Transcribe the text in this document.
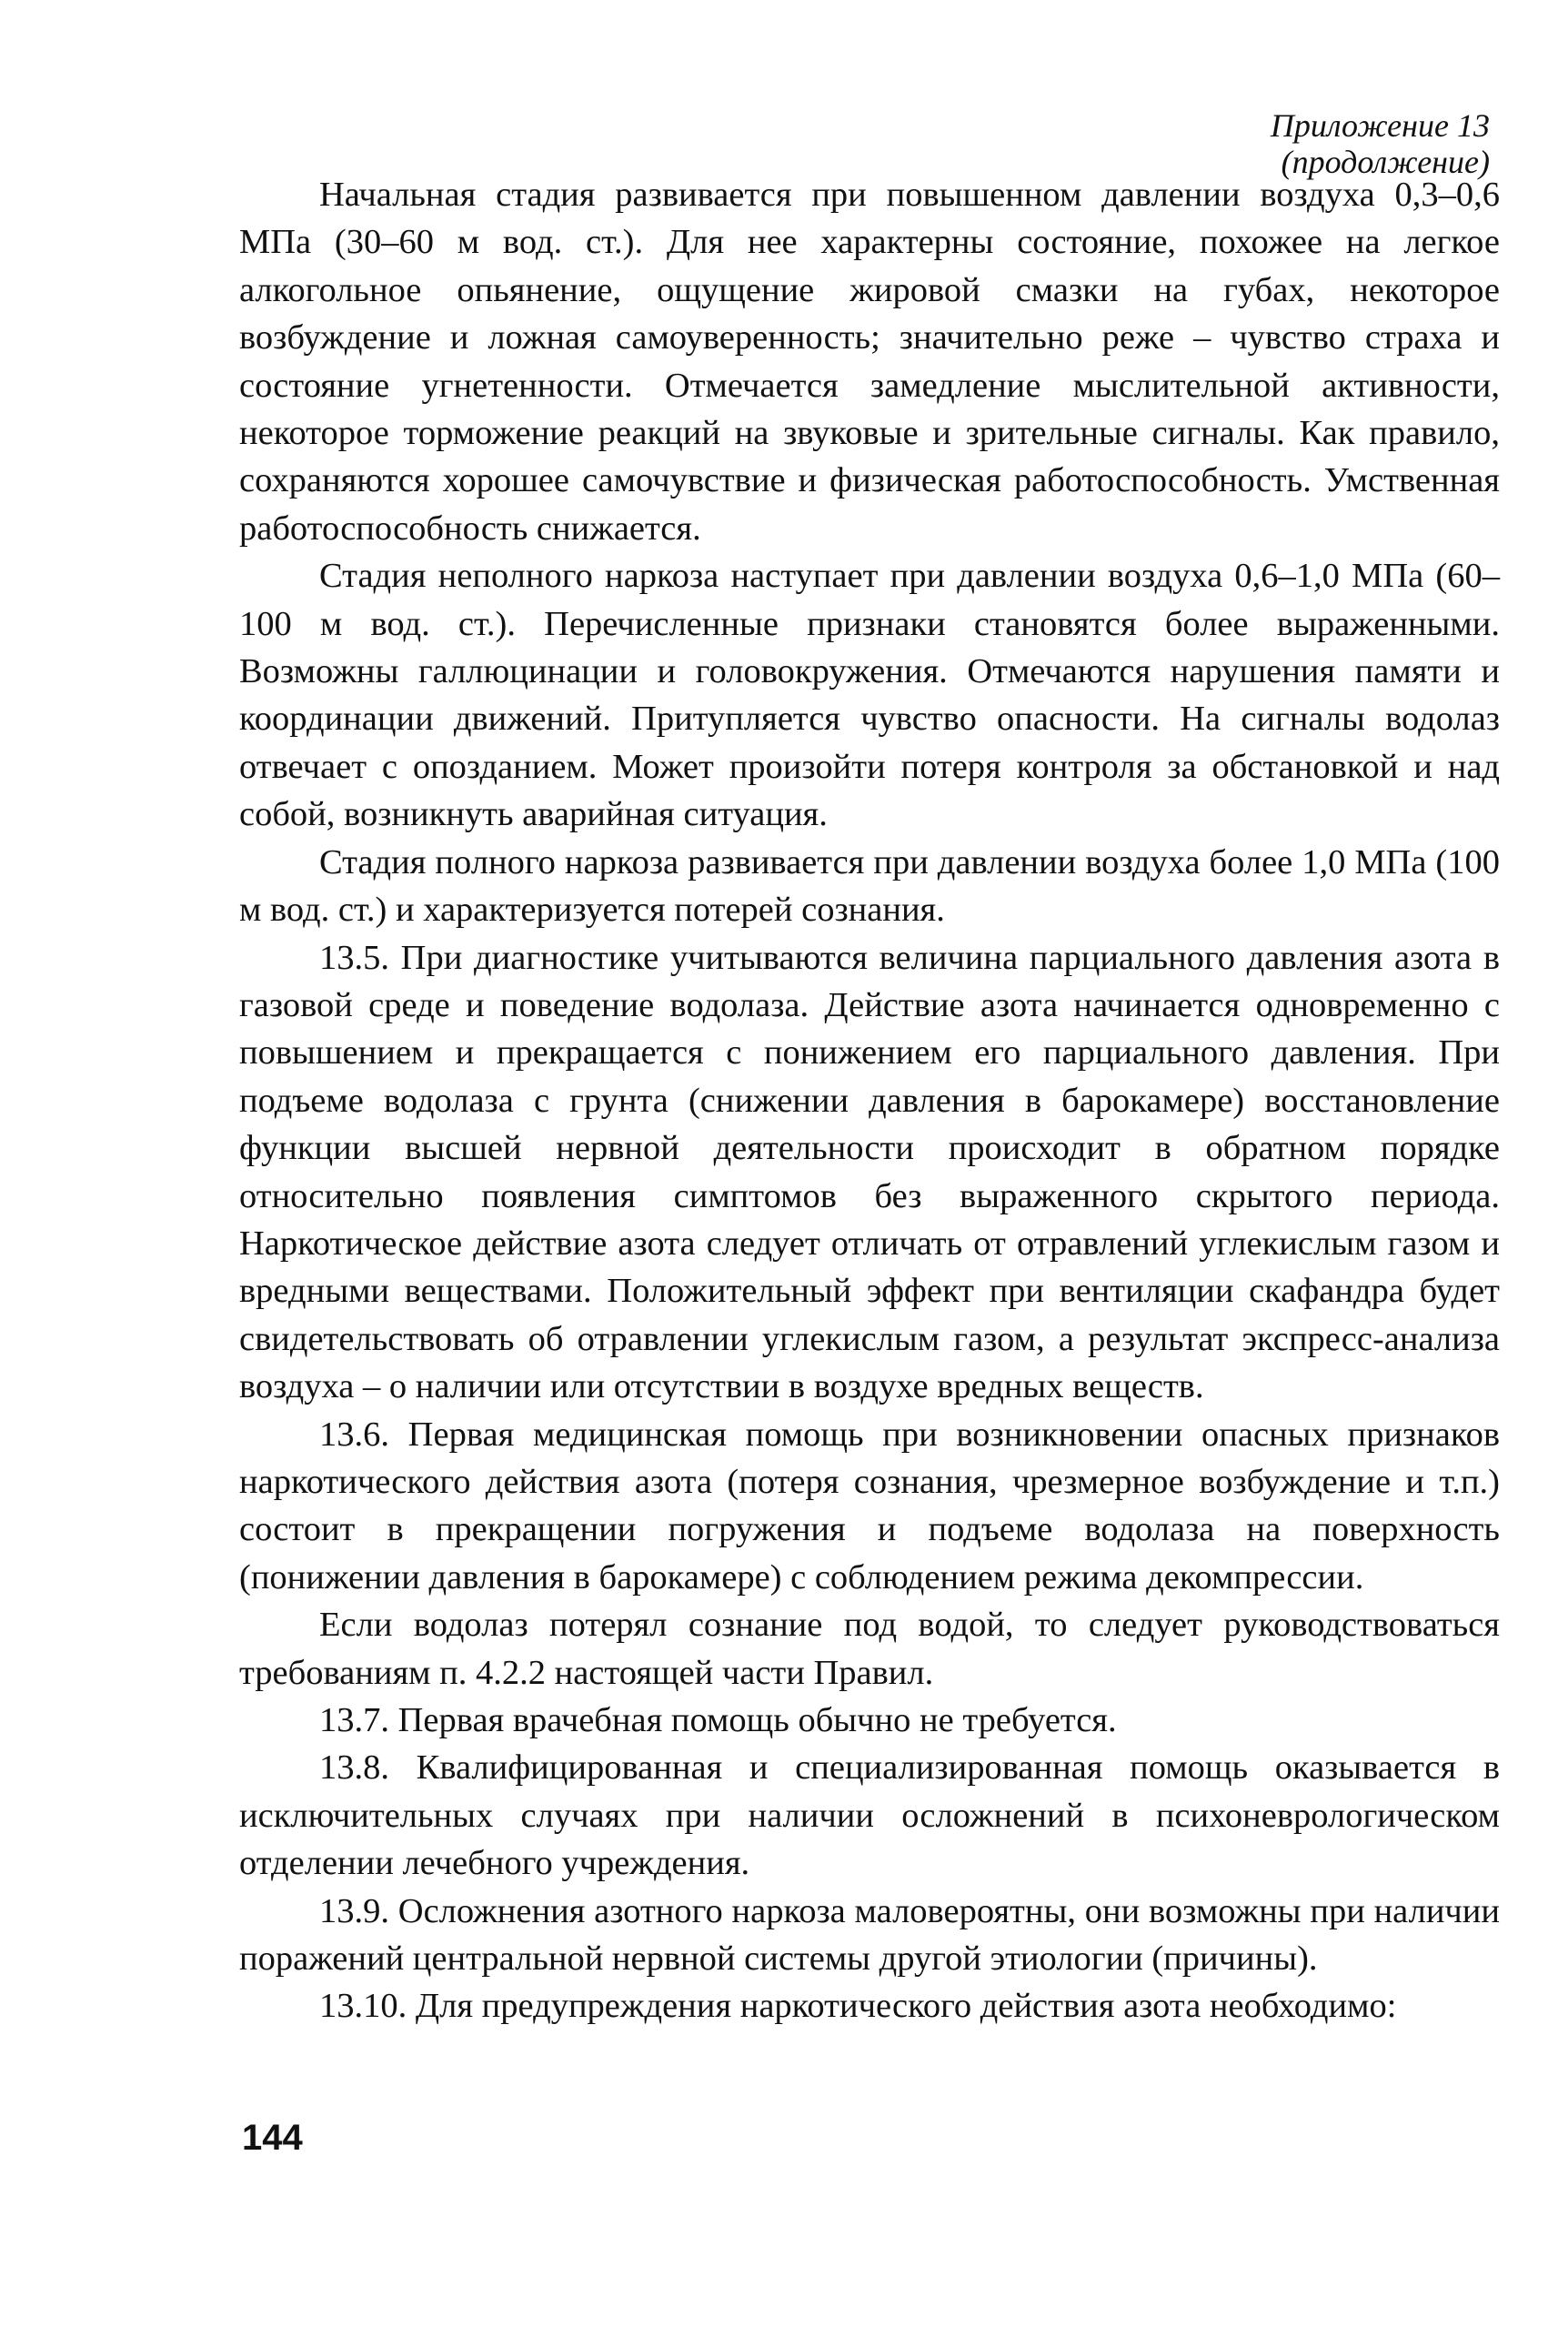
Приложение 13
(продолжение)

Начальная стадия развивается при повышенном давлении воздуха 0,3–0,6 МПа (30–60 м вод. ст.). Для нее характерны состояние, похожее на легкое алкогольное опьянение, ощущение жировой смазки на губах, некоторое возбуждение и ложная самоуверенность; значительно реже – чувство страха и состояние угнетенности. Отмечается замедление мыслительной активности, некоторое торможение реакций на звуковые и зрительные сигналы. Как правило, сохраняются хорошее самочувствие и физическая работоспособность. Умственная работоспособность снижается.

Стадия неполного наркоза наступает при давлении воздуха 0,6–1,0 МПа (60–100 м вод. ст.). Перечисленные признаки становятся более выраженными. Возможны галлюцинации и головокружения. Отмечаются нарушения памяти и координации движений. Притупляется чувство опасности. На сигналы водолаз отвечает с опозданием. Может произойти потеря контроля за обстановкой и над собой, возникнуть аварийная ситуация.

Стадия полного наркоза развивается при давлении воздуха более 1,0 МПа (100 м вод. ст.) и характеризуется потерей сознания.

13.5. При диагностике учитываются величина парциального давления азота в газовой среде и поведение водолаза. Действие азота начинается одновременно с повышением и прекращается с понижением его парциального давления. При подъеме водолаза с грунта (снижении давления в барокамере) восстановление функции высшей нервной деятельности происходит в обратном порядке относительно появления симптомов без выраженного скрытого периода. Наркотическое действие азота следует отличать от отравлений углекислым газом и вредными веществами. Положительный эффект при вентиляции скафандра будет свидетельствовать об отравлении углекислым газом, а результат экспресс-анализа воздуха – о наличии или отсутствии в воздухе вредных веществ.

13.6. Первая медицинская помощь при возникновении опасных признаков наркотического действия азота (потеря сознания, чрезмерное возбуждение и т.п.) состоит в прекращении погружения и подъеме водолаза на поверхность (понижении давления в барокамере) с соблюдением режима декомпрессии.

Если водолаз потерял сознание под водой, то следует руководствоваться требованиям п. 4.2.2 настоящей части Правил.

13.7. Первая врачебная помощь обычно не требуется.

13.8. Квалифицированная и специализированная помощь оказывается в исключительных случаях при наличии осложнений в психоневрологическом отделении лечебного учреждения.

13.9. Осложнения азотного наркоза маловероятны, они возможны при наличии поражений центральной нервной системы другой этиологии (причины).

13.10. Для предупреждения наркотического действия азота необходимо:

144
